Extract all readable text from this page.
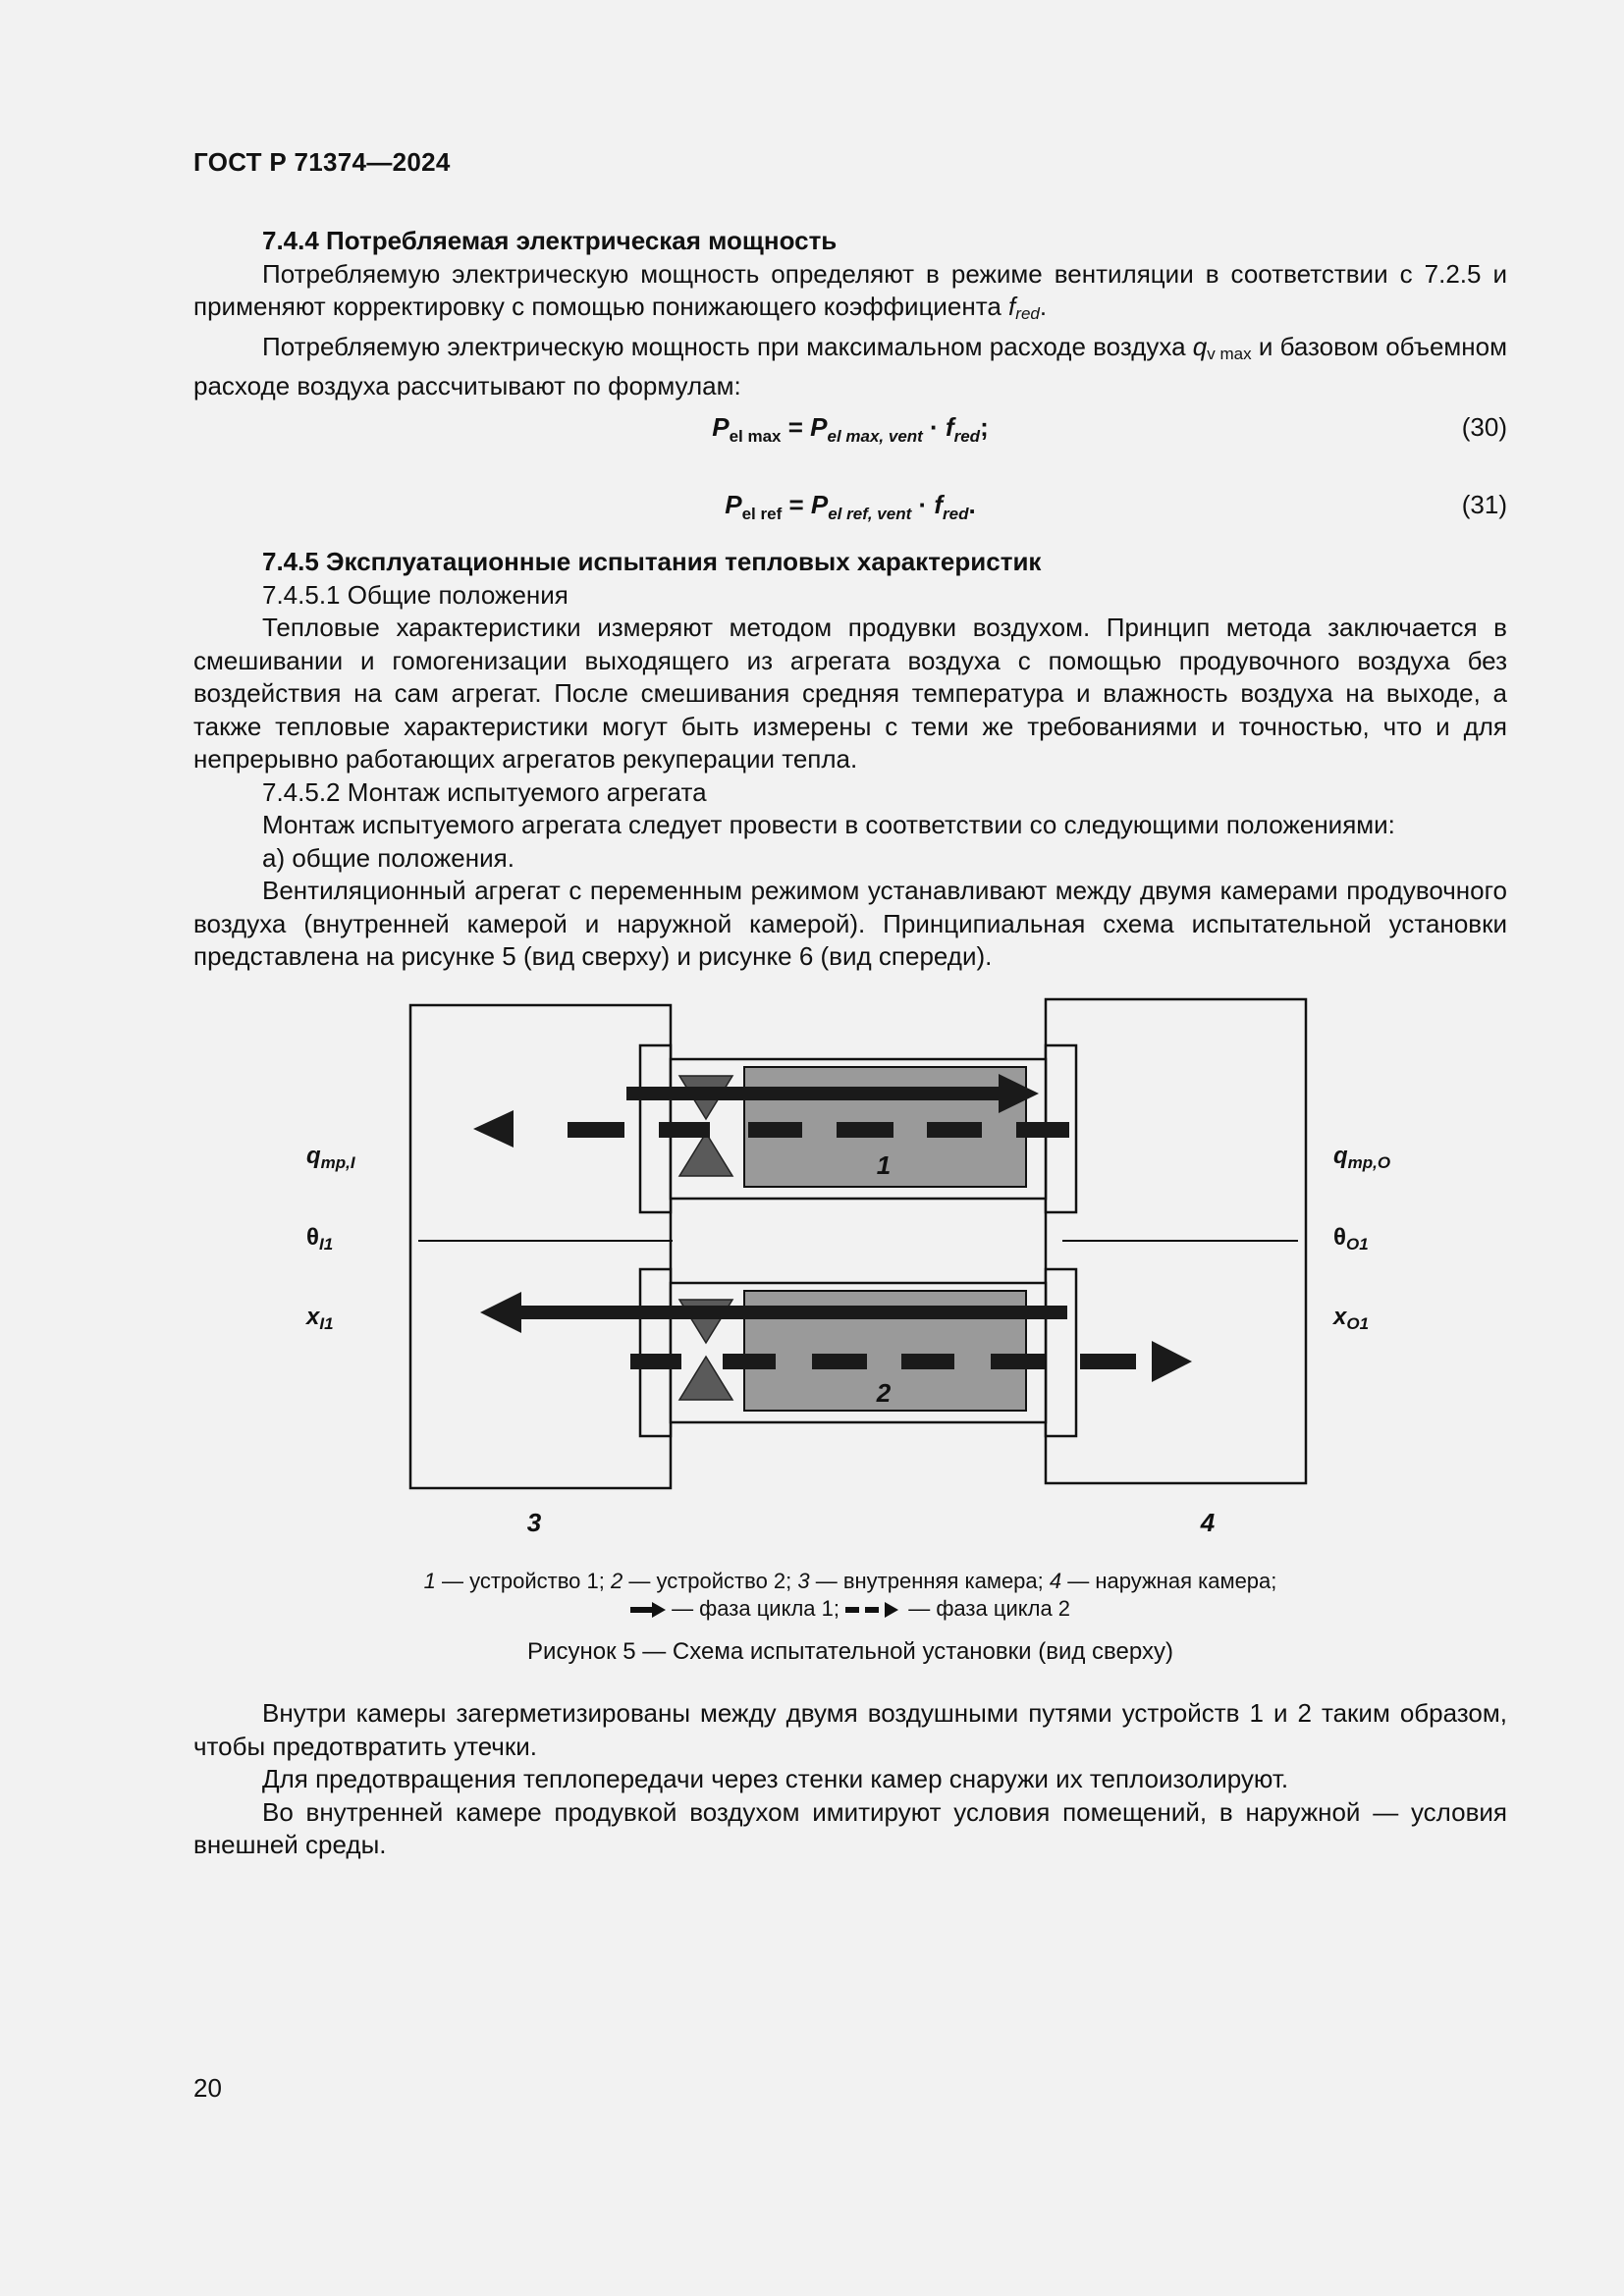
ГОСТ Р 71374—2024

7.4.4 Потребляемая электрическая мощность

Потребляемую электрическую мощность определяют в режиме вентиляции в соответствии с 7.2.5 и применяют корректировку с помощью понижающего коэффициента fred.

Потребляемую электрическую мощность при максимальном расходе воздуха qv max и базовом объемном расходе воздуха рассчитывают по формулам:

$P_{el max} = P_{el max, vent} \cdot f_{red}$;	(30)
$P_{el ref} = P_{el ref, vent} \cdot f_{red}$.	(31)

7.4.5 Эксплуатационные испытания тепловых характеристик

7.4.5.1 Общие положения

Тепловые характеристики измеряют методом продувки воздухом. Принцип метода заключается в смешивании и гомогенизации выходящего из агрегата воздуха с помощью продувочного воздуха без воздействия на сам агрегат. После смешивания средняя температура и влажность воздуха на выходе, а также тепловые характеристики могут быть измерены с теми же требованиями и точностью, что и для непрерывно работающих агрегатов рекуперации тепла.

7.4.5.2 Монтаж испытуемого агрегата

Монтаж испытуемого агрегата следует провести в соответствии со следующими положениями:

а) общие положения.

Вентиляционный агрегат с переменным режимом устанавливают между двумя камерами продувочного воздуха (внутренней камерой и наружной камерой). Принципиальная схема испытательной установки представлена на рисунке 5 (вид сверху) и рисунке 6 (вид спереди).

1
2
3	4
$q_{mp,I}$
$\theta_{I1}$
$x_{I1}$
$q_{mp,O}$
$\theta_{O1}$
$x_{O1}$
1 — устройство 1; 2 — устройство 2; 3 — внутренняя камера; 4 — наружная камера;
— фаза цикла 1;	— фаза цикла 2
Рисунок 5 — Схема испытательной установки (вид сверху)

Внутри камеры загерметизированы между двумя воздушными путями устройств 1 и 2 таким образом, чтобы предотвратить утечки.

Для предотвращения теплопередачи через стенки камер снаружи их теплоизолируют.

Во внутренней камере продувкой воздухом имитируют условия помещений, в наружной — условия внешней среды.

20
